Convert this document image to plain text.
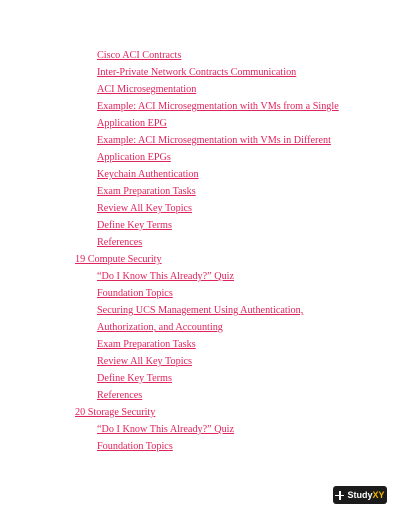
Cisco ACI Contracts
Inter-Private Network Contracts Communication
ACI Microsegmentation
Example: ACI Microsegmentation with VMs from a Single
Application EPG
Example: ACI Microsegmentation with VMs in Different
Application EPGs
Keychain Authentication
Exam Preparation Tasks
Review All Key Topics
Define Key Terms
References
19 Compute Security
“Do I Know This Already?” Quiz
Foundation Topics
Securing UCS Management Using Authentication,
Authorization, and Accounting
Exam Preparation Tasks
Review All Key Topics
Define Key Terms
References
20 Storage Security
“Do I Know This Already?” Quiz
Foundation Topics
StudyXY
